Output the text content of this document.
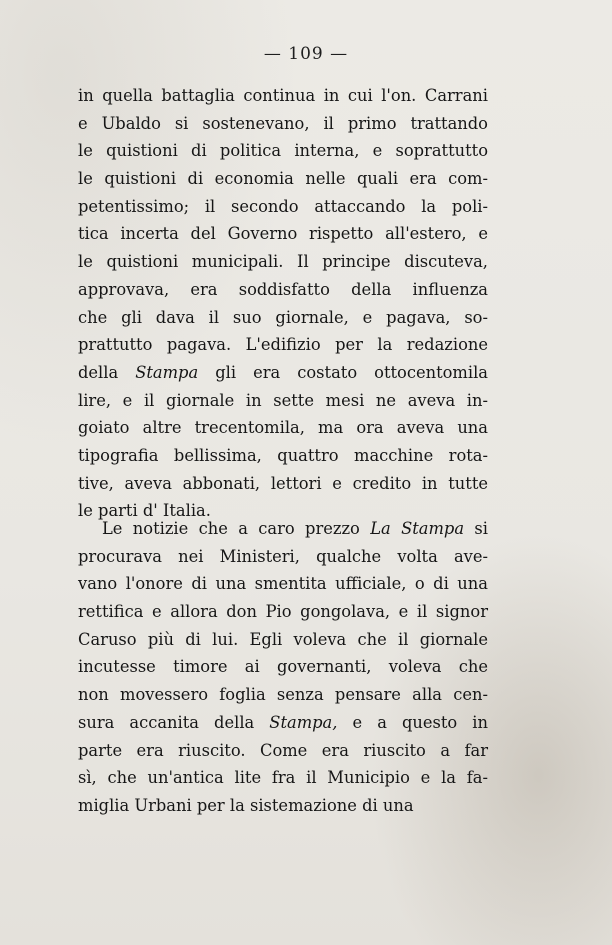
— 109 —
in quella battaglia continua in cui l'on. Carrani
e Ubaldo si sostenevano, il primo trattando
le quistioni di politica interna, e soprattutto
le quistioni di economia nelle quali era com-
petentissimo; il secondo attaccando la poli-
tica incerta del Governo rispetto all'estero, e
le quistioni municipali. Il principe discuteva,
approvava, era soddisfatto della influenza
che gli dava il suo giornale, e pagava, so-
prattutto pagava. L'edifizio per la redazione
della Stampa gli era costato ottocentomila
lire, e il giornale in sette mesi ne aveva in-
goiato altre trecentomila, ma ora aveva una
tipografia bellissima, quattro macchine rota-
tive, aveva abbonati, lettori e credito in tutte
le parti d' Italia.
Le notizie che a caro prezzo La Stampa si
procurava nei Ministeri, qualche volta ave-
vano l'onore di una smentita ufficiale, o di una
rettifica e allora don Pio gongolava, e il signor
Caruso più di lui. Egli voleva che il giornale
incutesse timore ai governanti, voleva che
non movessero foglia senza pensare alla cen-
sura accanita della Stampa, e a questo in
parte era riuscito. Come era riuscito a far
sì, che un'antica lite fra il Municipio e la fa-
miglia Urbani per la sistemazione di una
